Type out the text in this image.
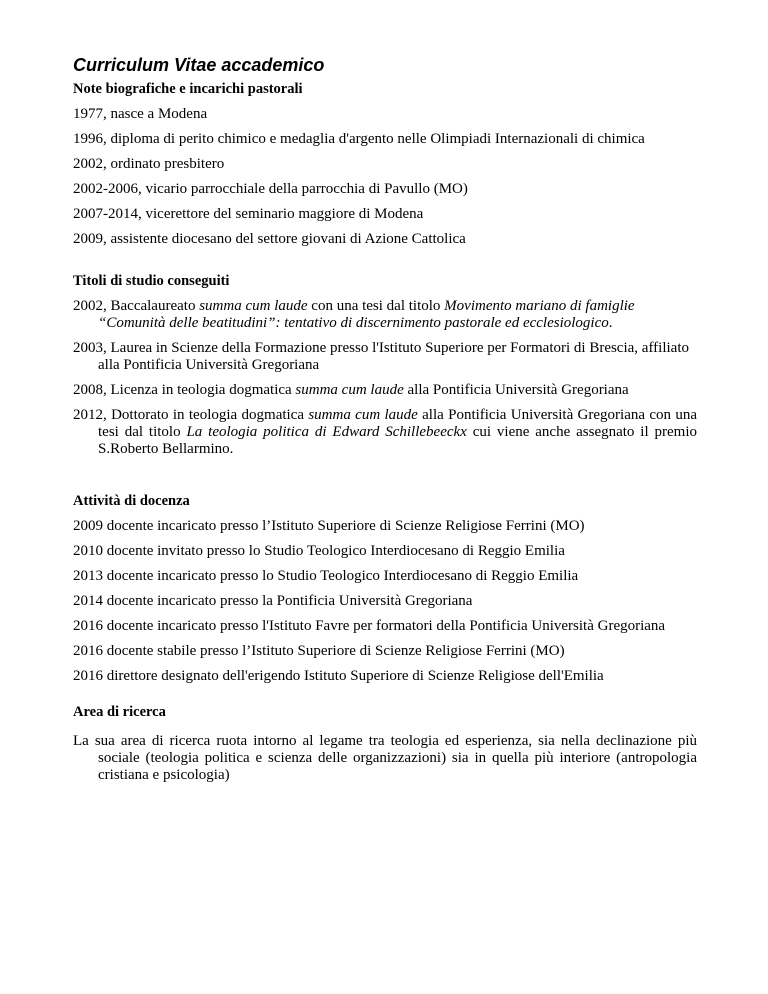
Curriculum Vitae accademico
Note biografiche e incarichi pastorali
1977, nasce a Modena
1996, diploma di perito chimico e medaglia d'argento nelle Olimpiadi Internazionali di chimica
2002, ordinato presbitero
2002-2006, vicario parrocchiale della parrocchia di Pavullo (MO)
2007-2014, vicerettore del seminario maggiore di Modena
2009, assistente diocesano del settore giovani di Azione Cattolica
Titoli di studio conseguiti
2002, Baccalaureato summa cum laude con una tesi dal titolo Movimento mariano di famiglie “Comunità delle beatitudini”: tentativo di discernimento pastorale ed ecclesiologico.
2003, Laurea in Scienze della Formazione presso l'Istituto Superiore per Formatori di Brescia, affiliato alla Pontificia Università Gregoriana
2008, Licenza in teologia dogmatica summa cum laude alla Pontificia Università Gregoriana
2012, Dottorato in teologia dogmatica summa cum laude alla Pontificia Università Gregoriana con una tesi dal titolo La teologia politica di Edward Schillebeeckx cui viene anche assegnato il premio S.Roberto Bellarmino.
Attività di docenza
2009 docente incaricato presso l’Istituto Superiore di Scienze Religiose Ferrini (MO)
2010 docente invitato presso lo Studio Teologico Interdiocesano di Reggio Emilia
2013 docente incaricato presso lo Studio Teologico Interdiocesano di Reggio Emilia
2014 docente incaricato presso la Pontificia Università Gregoriana
2016 docente incaricato presso l'Istituto Favre per formatori della Pontificia Università Gregoriana
2016 docente stabile presso l’Istituto Superiore di Scienze Religiose Ferrini (MO)
2016 direttore designato dell'erigendo Istituto Superiore di Scienze Religiose dell'Emilia
Area di ricerca
La sua area di ricerca ruota intorno al legame tra teologia ed esperienza, sia nella declinazione più sociale (teologia politica e scienza delle organizzazioni) sia in quella più interiore (antropologia cristiana e psicologia)
